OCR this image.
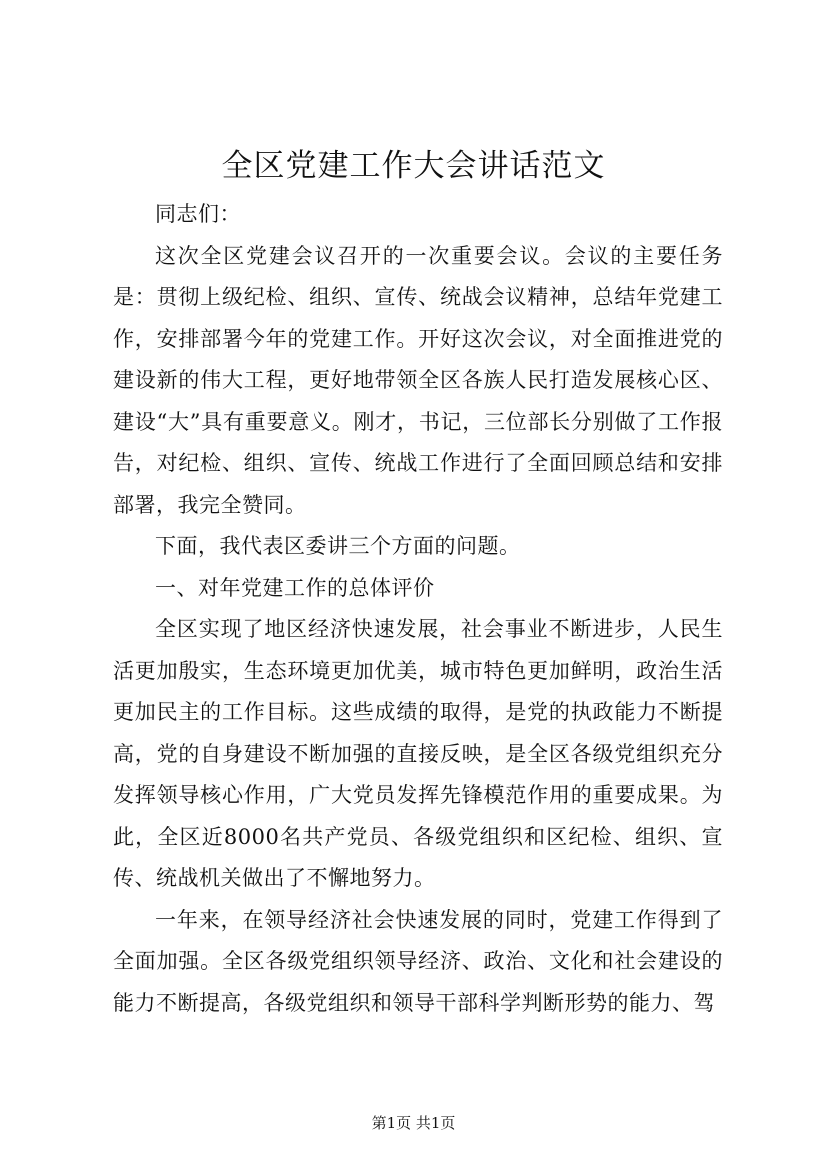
全区党建工作大会讲话范文

同志们：

这次全区党建会议召开的一次重要会议。会议的主要任务是：贯彻上级纪检、组织、宣传、统战会议精神，总结年党建工作，安排部署今年的党建工作。开好这次会议，对全面推进党的建设新的伟大工程，更好地带领全区各族人民打造发展核心区、建设“大”具有重要意义。刚才，书记，三位部长分别做了工作报告，对纪检、组织、宣传、统战工作进行了全面回顾总结和安排部署，我完全赞同。

下面，我代表区委讲三个方面的问题。

一、对年党建工作的总体评价

全区实现了地区经济快速发展，社会事业不断进步，人民生活更加殷实，生态环境更加优美，城市特色更加鲜明，政治生活更加民主的工作目标。这些成绩的取得，是党的执政能力不断提高，党的自身建设不断加强的直接反映，是全区各级党组织充分发挥领导核心作用，广大党员发挥先锋模范作用的重要成果。为此，全区近8000名共产党员、各级党组织和区纪检、组织、宣传、统战机关做出了不懈地努力。

一年来，在领导经济社会快速发展的同时，党建工作得到了全面加强。全区各级党组织领导经济、政治、文化和社会建设的能力不断提高，各级党组织和领导干部科学判断形势的能力、驾

第1页 共1页
